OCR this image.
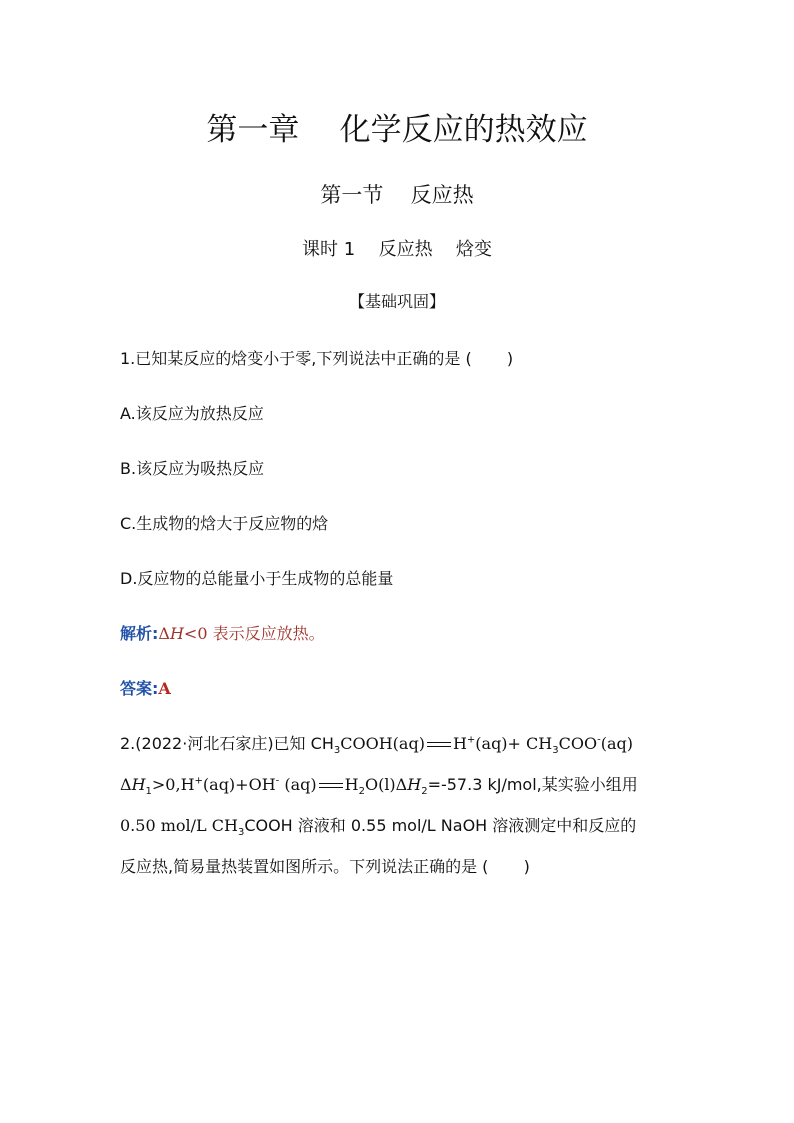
第一章 化学反应的热效应
第一节 反应热
课时 1 反应热 焓变
【基础巩固】
1.已知某反应的焓变小于零,下列说法中正确的是 ( )
A.该反应为放热反应
B.该反应为吸热反应
C.生成物的焓大于反应物的焓
D.反应物的总能量小于生成物的总能量
解析:ΔH<0 表示反应放热。
答案:A
2.(2022·河北石家庄)已知 $CH_3COOH(aq)$ $H^+(aq)+ CH_3COO^-(aq)$
$\Delta H_1>0,H^+(aq)+OH^-$ (aq) $H_2O(l)\Delta H_2=-57.3$ kJ/mol,某实验小组用
0.50 mol/L $CH_3COOH$ 溶液和 0.55 mol/L NaOH 溶液测定中和反应的
反应热,简易量热装置如图所示。下列说法正确的是 ( )
